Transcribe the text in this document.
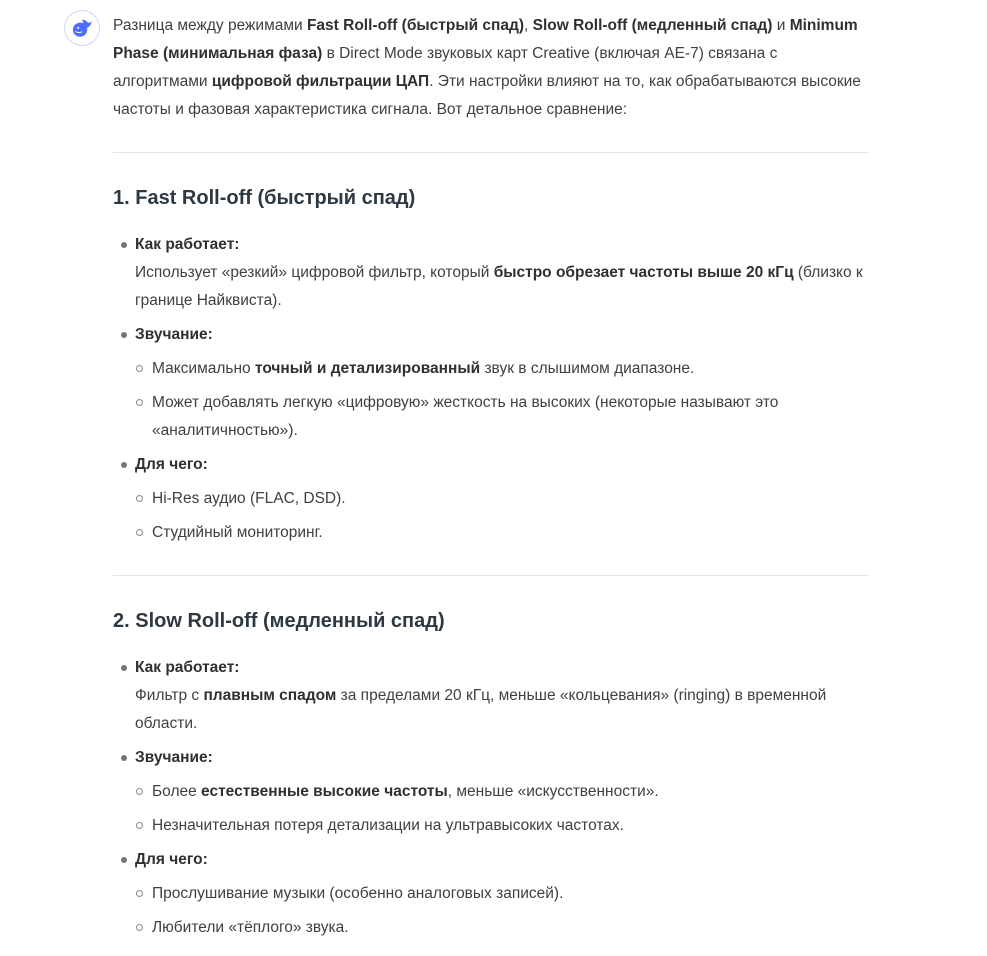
Разница между режимами Fast Roll-off (быстрый спад), Slow Roll-off (медленный спад) и Minimum Phase (минимальная фаза) в Direct Mode звуковых карт Creative (включая AE-7) связана с алгоритмами цифровой фильтрации ЦАП. Эти настройки влияют на то, как обрабатываются высокие частоты и фазовая характеристика сигнала. Вот детальное сравнение:

1. Fast Roll-off (быстрый спад)
Как работает:
Использует «резкий» цифровой фильтр, который быстро обрезает частоты выше 20 кГц (близко к границе Найквиста).
Звучание:
Максимально точный и детализированный звук в слышимом диапазоне.
Может добавлять легкую «цифровую» жесткость на высоких (некоторые называют это «аналитичностью»).
Для чего:
Hi-Res аудио (FLAC, DSD).
Студийный мониторинг.
2. Slow Roll-off (медленный спад)
Как работает:
Фильтр с плавным спадом за пределами 20 кГц, меньше «кольцевания» (ringing) в временной области.
Звучание:
Более естественные высокие частоты, меньше «искусственности».
Незначительная потеря детализации на ультравысоких частотах.
Для чего:
Прослушивание музыки (особенно аналоговых записей).
Любители «тёплого» звука.
